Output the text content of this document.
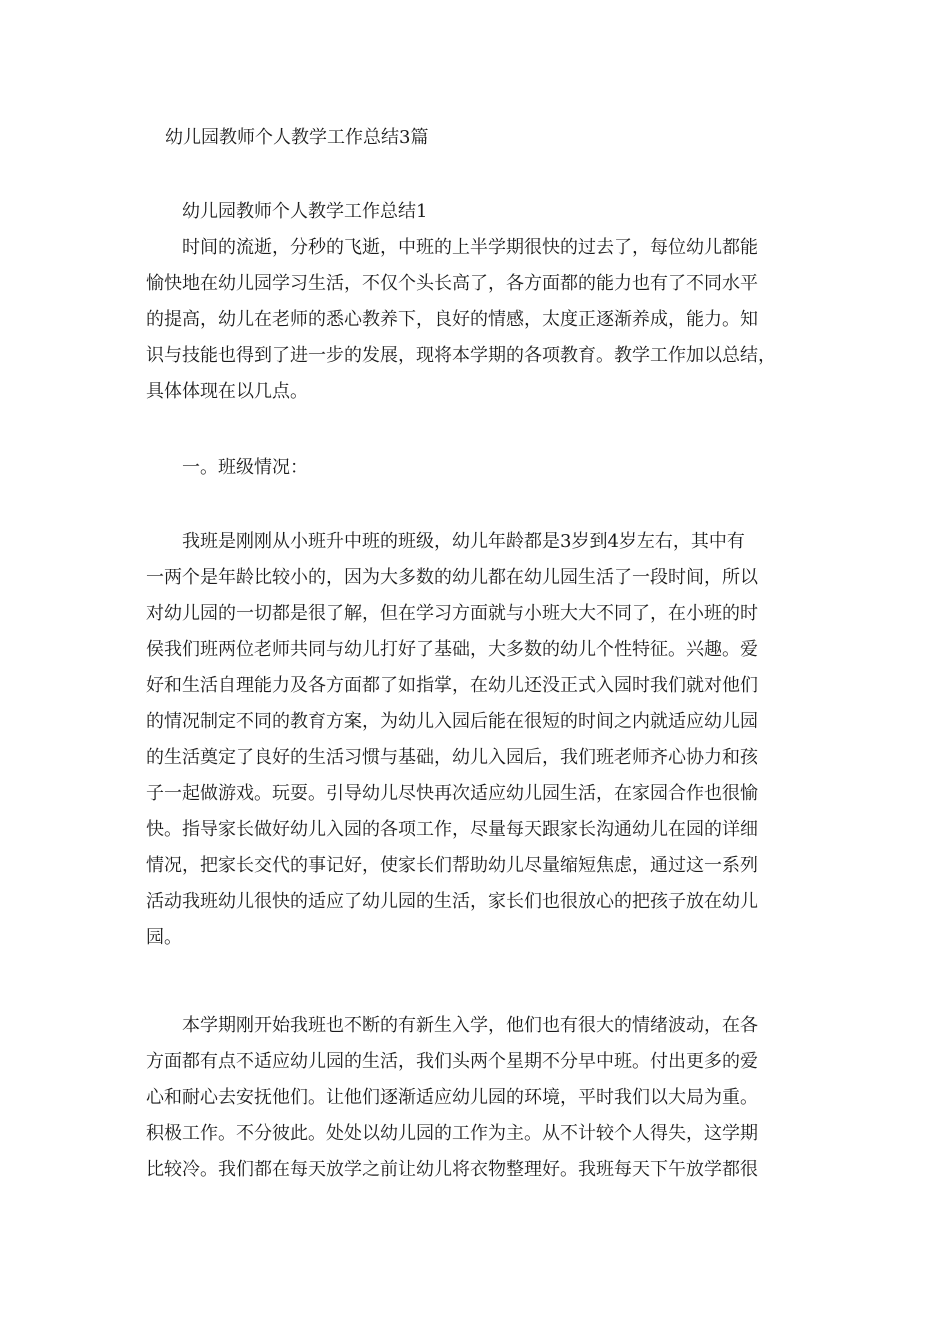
幼儿园教师个人教学工作总结3篇
幼儿园教师个人教学工作总结1
时间的流逝，分秒的飞逝，中班的上半学期很快的过去了，每位幼儿都能
愉快地在幼儿园学习生活，不仅个头长高了，各方面都的能力也有了不同水平
的提高，幼儿在老师的悉心教养下，良好的情感，太度正逐渐养成，能力。知
识与技能也得到了进一步的发展，现将本学期的各项教育。教学工作加以总结，
具体体现在以几点。
一。班级情况：
我班是刚刚从小班升中班的班级，幼儿年龄都是3岁到4岁左右，其中有
一两个是年龄比较小的，因为大多数的幼儿都在幼儿园生活了一段时间，所以
对幼儿园的一切都是很了解，但在学习方面就与小班大大不同了，在小班的时
侯我们班两位老师共同与幼儿打好了基础，大多数的幼儿个性特征。兴趣。爱
好和生活自理能力及各方面都了如指掌，在幼儿还没正式入园时我们就对他们
的情况制定不同的教育方案，为幼儿入园后能在很短的时间之内就适应幼儿园
的生活奠定了良好的生活习惯与基础，幼儿入园后，我们班老师齐心协力和孩
子一起做游戏。玩耍。引导幼儿尽快再次适应幼儿园生活，在家园合作也很愉
快。指导家长做好幼儿入园的各项工作，尽量每天跟家长沟通幼儿在园的详细
情况，把家长交代的事记好，使家长们帮助幼儿尽量缩短焦虑，通过这一系列
活动我班幼儿很快的适应了幼儿园的生活，家长们也很放心的把孩子放在幼儿
园。
本学期刚开始我班也不断的有新生入学，他们也有很大的情绪波动，在各
方面都有点不适应幼儿园的生活，我们头两个星期不分早中班。付出更多的爱
心和耐心去安抚他们。让他们逐渐适应幼儿园的环境，平时我们以大局为重。
积极工作。不分彼此。处处以幼儿园的工作为主。从不计较个人得失，这学期
比较冷。我们都在每天放学之前让幼儿将衣物整理好。我班每天下午放学都很
